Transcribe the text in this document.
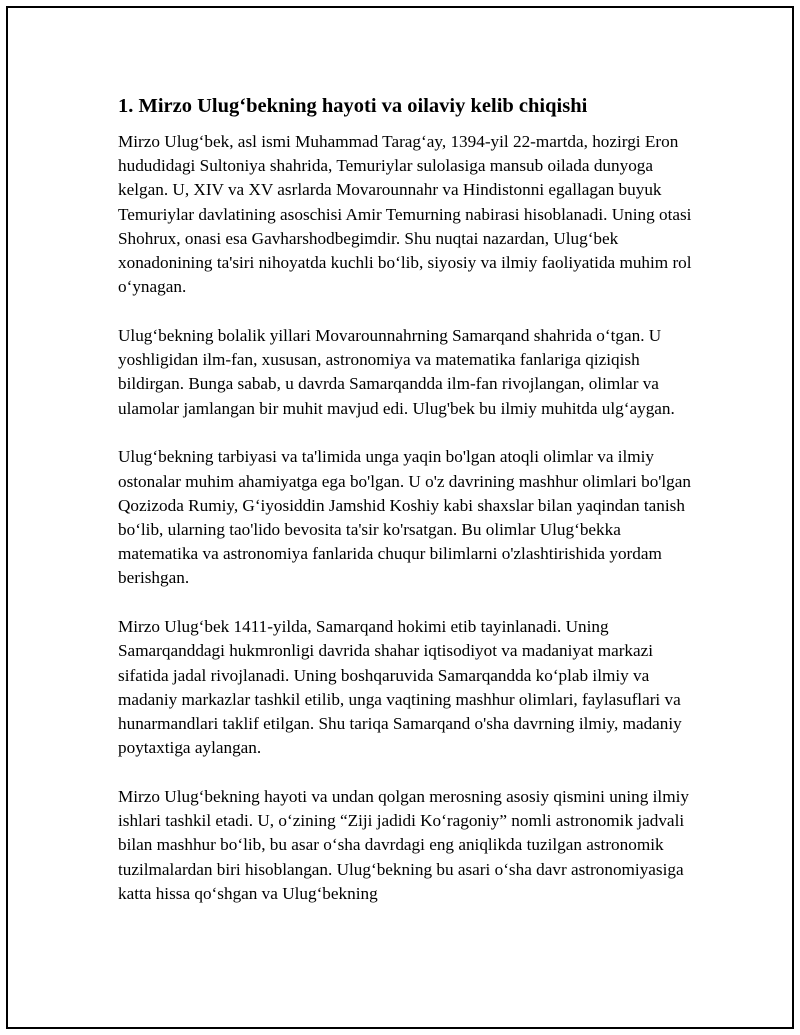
1. Mirzo Ulug‘bekning hayoti va oilaviy kelib chiqishi

Mirzo Ulug‘bek, asl ismi Muhammad Tarag‘ay, 1394-yil 22-martda, hozirgi Eron hududidagi Sultoniya shahrida, Temuriylar sulolasiga mansub oilada dunyoga kelgan. U, XIV va XV asrlarda Movarounnahr va Hindistonni egallagan buyuk Temuriylar davlatining asoschisi Amir Temurning nabirasi hisoblanadi. Uning otasi Shohrux, onasi esa Gavharshodbegimdir. Shu nuqtai nazardan, Ulug‘bek xonadonining ta'siri nihoyatda kuchli bo‘lib, siyosiy va ilmiy faoliyatida muhim rol o‘ynagan.

Ulug‘bekning bolalik yillari Movarounnahrning Samarqand shahrida o‘tgan. U yoshligidan ilm-fan, xususan, astronomiya va matematika fanlariga qiziqish bildirgan. Bunga sabab, u davrda Samarqandda ilm-fan rivojlangan, olimlar va ulamolar jamlangan bir muhit mavjud edi. Ulug'bek bu ilmiy muhitda ulg‘aygan.

Ulug‘bekning tarbiyasi va ta'limida unga yaqin bo'lgan atoqli olimlar va ilmiy ostonalar muhim ahamiyatga ega bo'lgan. U o'z davrining mashhur olimlari bo'lgan Qozizoda Rumiy, G‘iyosiddin Jamshid Koshiy kabi shaxslar bilan yaqindan tanish bo‘lib, ularning tao'lido bevosita ta'sir ko'rsatgan. Bu olimlar Ulug‘bekka matematika va astronomiya fanlarida chuqur bilimlarni o'zlashtirishida yordam berishgan.

Mirzo Ulug‘bek 1411-yilda, Samarqand hokimi etib tayinlanadi. Uning Samarqanddagi hukmronligi davrida shahar iqtisodiyot va madaniyat markazi sifatida jadal rivojlanadi. Uning boshqaruvida Samarqandda ko‘plab ilmiy va madaniy markazlar tashkil etilib, unga vaqtining mashhur olimlari, faylasuflari va hunarmandlari taklif etilgan. Shu tariqa Samarqand o'sha davrning ilmiy, madaniy poytaxtiga aylangan.

Mirzo Ulug‘bekning hayoti va undan qolgan merosning asosiy qismini uning ilmiy ishlari tashkil etadi. U, o‘zining “Ziji jadidi Ko‘ragoniy” nomli astronomik jadvali bilan mashhur bo‘lib, bu asar o‘sha davrdagi eng aniqlikda tuzilgan astronomik tuzilmalardan biri hisoblangan. Ulug‘bekning bu asari o‘sha davr astronomiyasiga katta hissa qo‘shgan va Ulug‘bekning
